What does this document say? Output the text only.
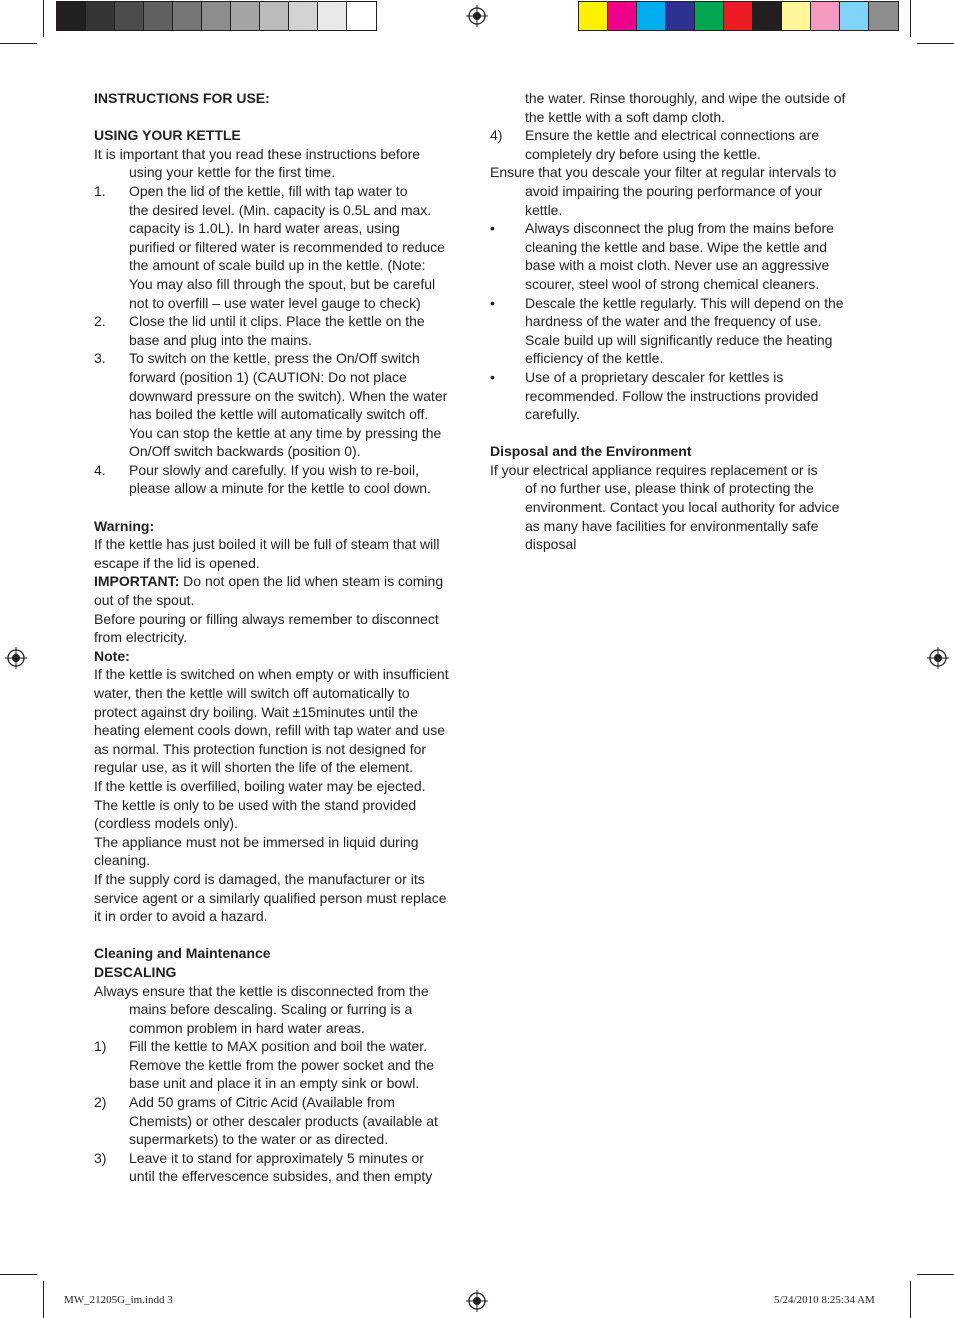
INSTRUCTIONS FOR USE:

USING YOUR KETTLE

It is important that you read these instructions before

using your kettle for the first time.

1. Open the lid of the kettle, fill with tap water to

the desired level. (Min. capacity is 0.5L and max.

capacity is 1.0L). In hard water areas, using

purified or filtered water is recommended to reduce

the amount of scale build up in the kettle. (Note:

You may also fill through the spout, but be careful

not to overfill – use water level gauge to check)

2. Close the lid until it clips. Place the kettle on the

base and plug into the mains.

3. To switch on the kettle, press the On/Off switch

forward (position 1) (CAUTION: Do not place

downward pressure on the switch). When the water

has boiled the kettle will automatically switch off.

You can stop the kettle at any time by pressing the

On/Off switch backwards (position 0).

4. Pour slowly and carefully. If you wish to re-boil,

please allow a minute for the kettle to cool down.

Warning:

If the kettle has just boiled it will be full of steam that will

escape if the lid is opened.

IMPORTANT: Do not open the lid when steam is coming

out of the spout.

Before pouring or filling always remember to disconnect

from electricity.

Note:

If the kettle is switched on when empty or with insufficient

water, then the kettle will switch off automatically to

protect against dry boiling. Wait ±15minutes until the

heating element cools down, refill with tap water and use

as normal. This protection function is not designed for

regular use, as it will shorten the life of the element.

If the kettle is overfilled, boiling water may be ejected.

The kettle is only to be used with the stand provided

(cordless models only).

The appliance must not be immersed in liquid during

cleaning.

If the supply cord is damaged, the manufacturer or its

service agent or a similarly qualified person must replace

it in order to avoid a hazard.

Cleaning and Maintenance

DESCALING

Always ensure that the kettle is disconnected from the

mains before descaling. Scaling or furring is a

common problem in hard water areas.

1) Fill the kettle to MAX position and boil the water.

Remove the kettle from the power socket and the

base unit and place it in an empty sink or bowl.

2) Add 50 grams of Citric Acid (Available from

Chemists) or other descaler products (available at

supermarkets) to the water or as directed.

3) Leave it to stand for approximately 5 minutes or

until the effervescence subsides, and then empty

the water. Rinse thoroughly, and wipe the outside of

the kettle with a soft damp cloth.

4) Ensure the kettle and electrical connections are

completely dry before using the kettle.

Ensure that you descale your filter at regular intervals to

avoid impairing the pouring performance of your

kettle.

• Always disconnect the plug from the mains before

cleaning the kettle and base. Wipe the kettle and

base with a moist cloth. Never use an aggressive

scourer, steel wool of strong chemical cleaners.

• Descale the kettle regularly. This will depend on the

hardness of the water and the frequency of use.

Scale build up will significantly reduce the heating

efficiency of the kettle.

• Use of a proprietary descaler for kettles is

recommended. Follow the instructions provided

carefully.

Disposal and the Environment

If your electrical appliance requires replacement or is

of no further use, please think of protecting the

environment. Contact you local authority for advice

as many have facilities for environmentally safe

disposal

MW_21205G_im.indd 3	5/24/2010 8:25:34 AM
